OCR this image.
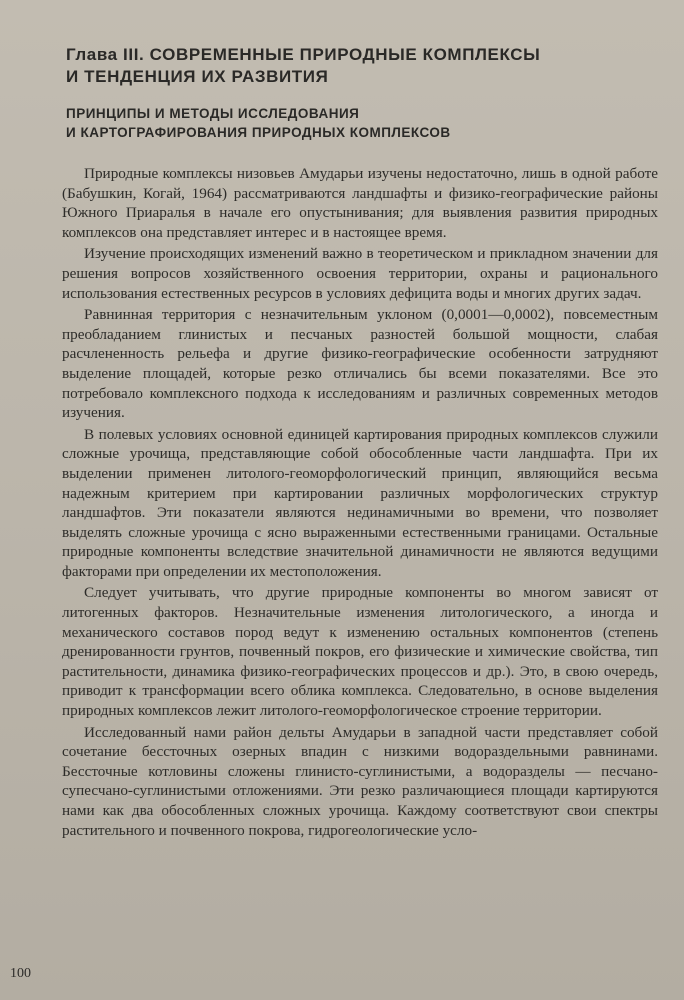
Глава III. СОВРЕМЕННЫЕ ПРИРОДНЫЕ КОМПЛЕКСЫ
И ТЕНДЕНЦИЯ ИХ РАЗВИТИЯ
ПРИНЦИПЫ И МЕТОДЫ ИССЛЕДОВАНИЯ
И КАРТОГРАФИРОВАНИЯ ПРИРОДНЫХ КОМПЛЕКСОВ

Природные комплексы низовьев Амударьи изучены недостаточно, лишь в одной работе (Бабушкин, Когай, 1964) рассматриваются ландшафты и физико-географические районы Южного Приаралья в начале его опустынивания; для выявления развития природных комплексов она представляет интерес и в настоящее время.

Изучение происходящих изменений важно в теоретическом и прикладном значении для решения вопросов хозяйственного освоения территории, охраны и рационального использования естественных ресурсов в условиях дефицита воды и многих других задач.

Равнинная территория с незначительным уклоном (0,0001—0,0002), повсеместным преобладанием глинистых и песчаных разностей большой мощности, слабая расчлененность рельефа и другие физико-географические особенности затрудняют выделение площадей, которые резко отличались бы всеми показателями. Все это потребовало комплексного подхода к исследованиям и различных современных методов изучения.

В полевых условиях основной единицей картирования природных комплексов служили сложные урочища, представляющие собой обособленные части ландшафта. При их выделении применен литолого-геоморфологический принцип, являющийся весьма надежным критерием при картировании различных морфологических структур ландшафтов. Эти показатели являются нединамичными во времени, что позволяет выделять сложные урочища с ясно выраженными естественными границами. Остальные природные компоненты вследствие значительной динамичности не являются ведущими факторами при определении их местоположения.

Следует учитывать, что другие природные компоненты во многом зависят от литогенных факторов. Незначительные изменения литологического, а иногда и механического составов пород ведут к изменению остальных компонентов (степень дренированности грунтов, почвенный покров, его физические и химические свойства, тип растительности, динамика физико-географических процессов и др.). Это, в свою очередь, приводит к трансформации всего облика комплекса. Следовательно, в основе выделения природных комплексов лежит литолого-геоморфологическое строение территории.

Исследованный нами район дельты Амударьи в западной части представляет собой сочетание бессточных озерных впадин с низкими водораздельными равнинами. Бессточные котловины сложены глинисто-суглинистыми, а водоразделы — песчано-супесчано-суглинистыми отложениями. Эти резко различающиеся площади картируются нами как два обособленных сложных урочища. Каждому соответствуют свои спектры растительного и почвенного покрова, гидрогеологические усло-

100
